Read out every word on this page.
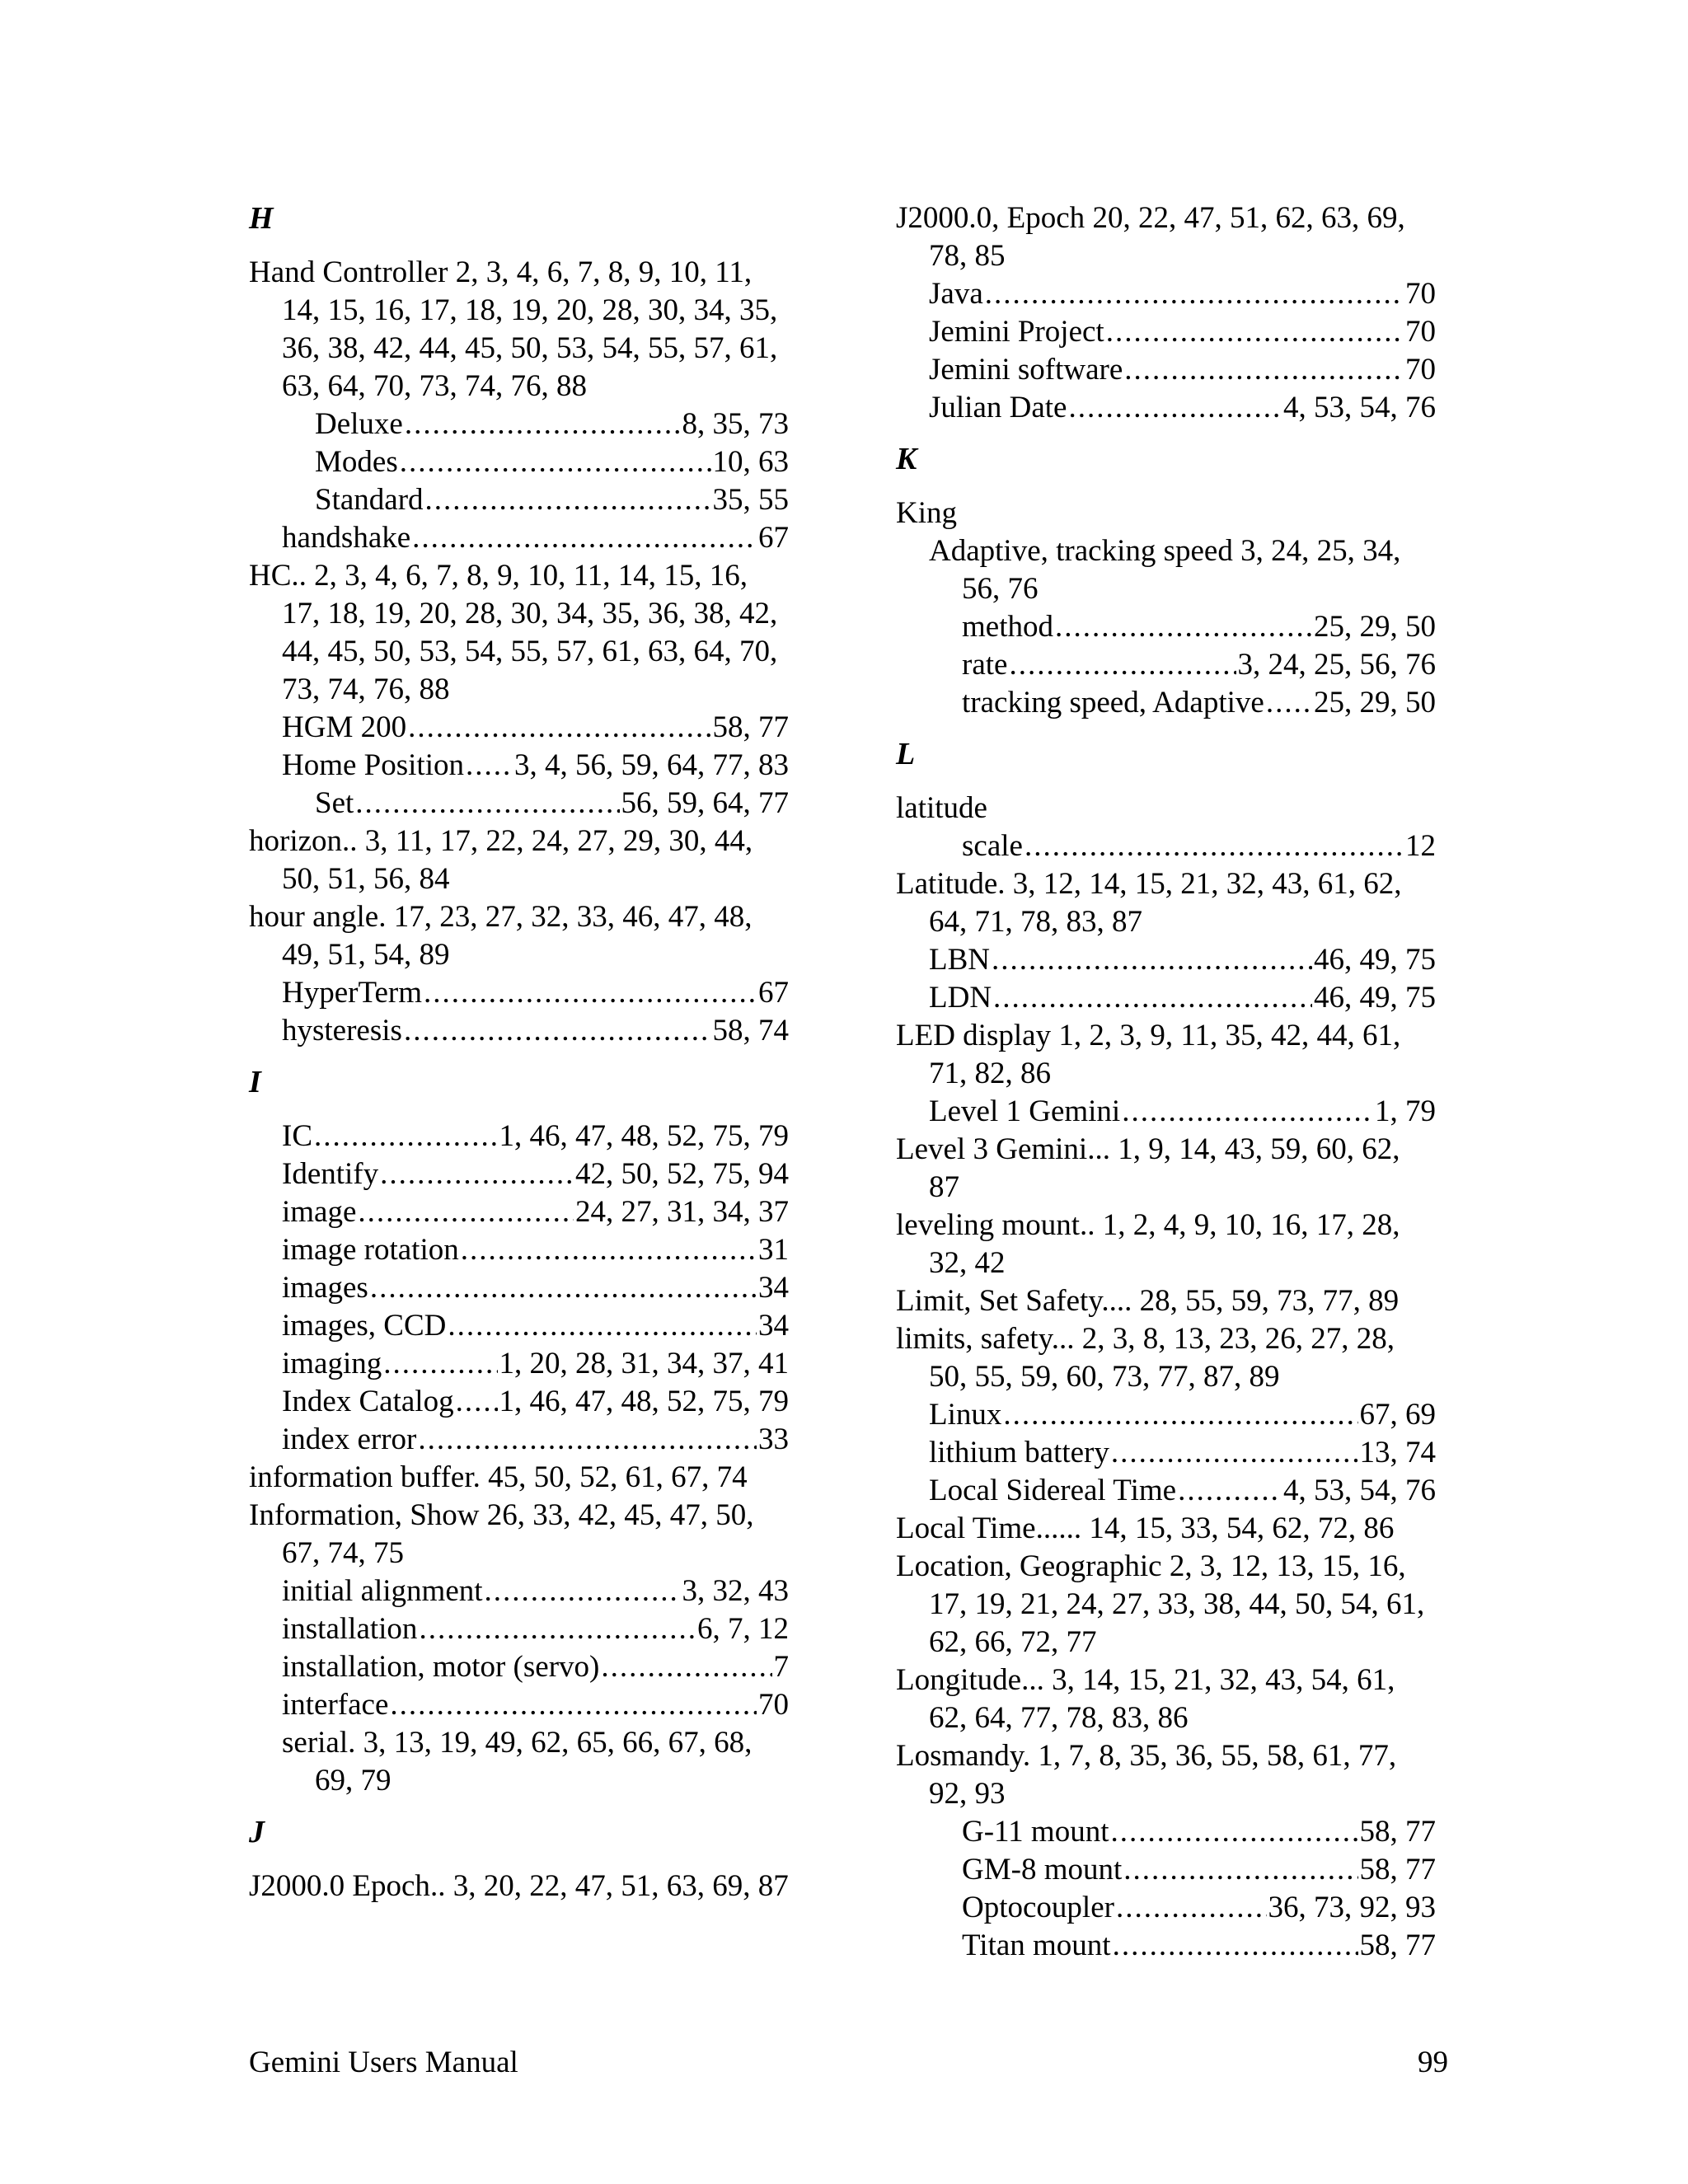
H
Hand Controller 2, 3, 4, 6, 7, 8, 9, 10, 11, 14, 15, 16, 17, 18, 19, 20, 28, 30, 34, 35, 36, 38, 42, 44, 45, 50, 53, 54, 55, 57, 61, 63, 64, 70, 73, 74, 76, 88
Deluxe .....	8, 35, 73
Modes .....	10, 63
Standard .....	35, 55
handshake .....	67
HC.. 2, 3, 4, 6, 7, 8, 9, 10, 11, 14, 15, 16, 17, 18, 19, 20, 28, 30, 34, 35, 36, 38, 42, 44, 45, 50, 53, 54, 55, 57, 61, 63, 64, 70, 73, 74, 76, 88
HGM 200 .....	58, 77
Home Position ..... 3, 4, 56, 59, 64, 77, 83
Set .....	56, 59, 64, 77
horizon.. 3, 11, 17, 22, 24, 27, 29, 30, 44, 50, 51, 56, 84
hour angle. 17, 23, 27, 32, 33, 46, 47, 48, 49, 51, 54, 89
HyperTerm .....	67
hysteresis .....	58, 74
I
IC .....	1, 46, 47, 48, 52, 75, 79
Identify .....	42, 50, 52, 75, 94
image .....	24, 27, 31, 34, 37
image rotation .....	31
images .....	34
images, CCD .....	34
imaging .....	1, 20, 28, 31, 34, 37, 41
Index Catalog ..... 1, 46, 47, 48, 52, 75, 79
index error .....	33
information buffer. 45, 50, 52, 61, 67, 74
Information, Show 26, 33, 42, 45, 47, 50, 67, 74, 75
initial alignment .....	3, 32, 43
installation .....	6, 7, 12
installation, motor (servo) .....	7
interface .....	70
serial. 3, 13, 19, 49, 62, 65, 66, 67, 68, 69, 79
J
J2000.0 Epoch.. 3, 20, 22, 47, 51, 63, 69, 87
J2000.0, Epoch 20, 22, 47, 51, 62, 63, 69, 78, 85
Java .....	70
Jemini Project .....	70
Jemini software .....	70
Julian Date .....	4, 53, 54, 76
K
King
Adaptive, tracking speed 3, 24, 25, 34, 56, 76
method .....	25, 29, 50
rate .....	3, 24, 25, 56, 76
tracking speed, Adaptive ..... 25, 29, 50
L
latitude
scale .....	12
Latitude. 3, 12, 14, 15, 21, 32, 43, 61, 62, 64, 71, 78, 83, 87
LBN .....	46, 49, 75
LDN .....	46, 49, 75
LED display 1, 2, 3, 9, 11, 35, 42, 44, 61, 71, 82, 86
Level 1 Gemini .....	1, 79
Level 3 Gemini... 1, 9, 14, 43, 59, 60, 62, 87
leveling mount.. 1, 2, 4, 9, 10, 16, 17, 28, 32, 42
Limit, Set Safety.... 28, 55, 59, 73, 77, 89
limits, safety... 2, 3, 8, 13, 23, 26, 27, 28, 50, 55, 59, 60, 73, 77, 87, 89
Linux .....	67, 69
lithium battery .....	13, 74
Local Sidereal Time .....	4, 53, 54, 76
Local Time...... 14, 15, 33, 54, 62, 72, 86
Location, Geographic 2, 3, 12, 13, 15, 16, 17, 19, 21, 24, 27, 33, 38, 44, 50, 54, 61, 62, 66, 72, 77
Longitude... 3, 14, 15, 21, 32, 43, 54, 61, 62, 64, 77, 78, 83, 86
Losmandy. 1, 7, 8, 35, 36, 55, 58, 61, 77, 92, 93
G-11 mount .....	58, 77
GM-8 mount .....	58, 77
Optocoupler .....	36, 73, 92, 93
Titan mount .....	58, 77
Gemini Users Manual	99
